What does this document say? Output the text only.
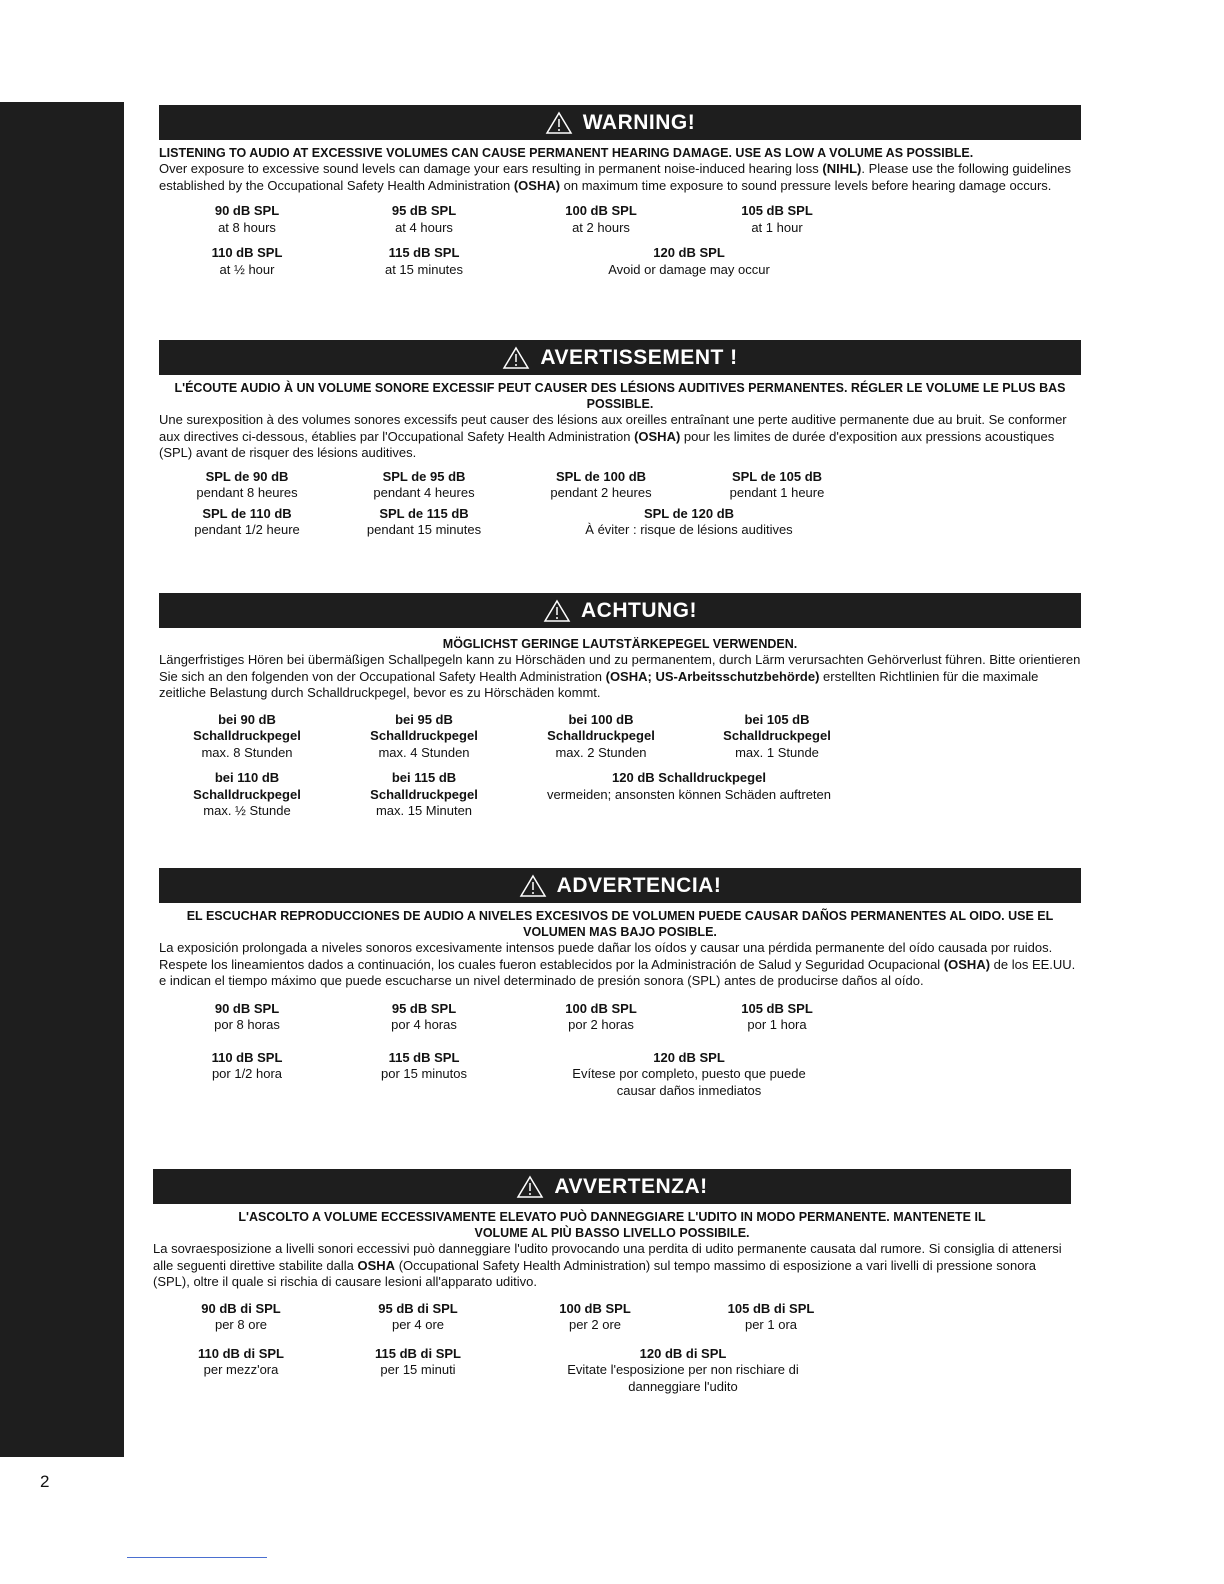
WARNING!
LISTENING TO AUDIO AT EXCESSIVE VOLUMES CAN CAUSE PERMANENT HEARING DAMAGE. USE AS LOW A VOLUME AS POSSIBLE.
Over exposure to excessive sound levels can damage your ears resulting in permanent noise-induced hearing loss (NIHL). Please use the following guidelines established by the Occupational Safety Health Administration (OSHA) on maximum time exposure to sound pressure levels before hearing damage occurs.
90 dB SPL
at 8 hours
95 dB SPL
at 4 hours
100 dB SPL
at 2 hours
105 dB SPL
at 1 hour
110 dB SPL
at ½ hour
115 dB SPL
at 15 minutes
120 dB SPL
Avoid or damage may occur
AVERTISSEMENT !
L'ÉCOUTE AUDIO À UN VOLUME SONORE EXCESSIF PEUT CAUSER DES LÉSIONS AUDITIVES PERMANENTES. RÉGLER LE VOLUME LE PLUS BAS POSSIBLE.
Une surexposition à des volumes sonores excessifs peut causer des lésions aux oreilles entraînant une perte auditive permanente due au bruit. Se conformer aux directives ci-dessous, établies par l'Occupational Safety Health Administration (OSHA) pour les limites de durée d'exposition aux pressions acoustiques (SPL) avant de risquer des lésions auditives.
SPL de 90 dB
pendant 8 heures
SPL de 95 dB
pendant 4 heures
SPL de 100 dB
pendant 2 heures
SPL de 105 dB
pendant 1 heure
SPL de 110 dB
pendant 1/2 heure
SPL de 115 dB
pendant 15 minutes
SPL de 120 dB
À éviter : risque de lésions auditives
ACHTUNG!
MÖGLICHST GERINGE LAUTSTÄRKEPEGEL VERWENDEN.
Längerfristiges Hören bei übermäßigen Schallpegeln kann zu Hörschäden und zu permanentem, durch Lärm verursachten Gehörverlust führen. Bitte orientieren Sie sich an den folgenden von der Occupational Safety Health Administration (OSHA; US-Arbeitsschutzbehörde) erstellten Richtlinien für die maximale zeitliche Belastung durch Schalldruckpegel, bevor es zu Hörschäden kommt.
bei 90 dB
Schalldruckpegel
max. 8 Stunden
bei 95 dB
Schalldruckpegel
max. 4 Stunden
bei 100 dB
Schalldruckpegel
max. 2 Stunden
bei 105 dB
Schalldruckpegel
max. 1 Stunde
bei 110 dB
Schalldruckpegel
max. ½ Stunde
bei 115 dB
Schalldruckpegel
max. 15 Minuten
120 dB Schalldruckpegel
vermeiden; ansonsten können Schäden auftreten
ADVERTENCIA!
EL ESCUCHAR REPRODUCCIONES DE AUDIO A NIVELES EXCESIVOS DE VOLUMEN PUEDE CAUSAR DAÑOS PERMANENTES AL OIDO. USE EL VOLUMEN MAS BAJO POSIBLE.
La exposición prolongada a niveles sonoros excesivamente intensos puede dañar los oídos y causar una pérdida permanente del oído causada por ruidos. Respete los lineamientos dados a continuación, los cuales fueron establecidos por la Administración de Salud y Seguridad Ocupacional (OSHA) de los EE.UU. e indican el tiempo máximo que puede escucharse un nivel determinado de presión sonora (SPL) antes de producirse daños al oído.
90 dB SPL
por 8 horas
95 dB SPL
por 4 horas
100 dB SPL
por 2 horas
105 dB SPL
por 1 hora
110 dB SPL
por 1/2 hora
115 dB SPL
por 15 minutos
120 dB SPL
Evítese por completo, puesto que puede causar daños inmediatos
AVVERTENZA!
L'ASCOLTO A VOLUME ECCESSIVAMENTE ELEVATO PUÒ DANNEGGIARE L'UDITO IN MODO PERMANENTE. MANTENETE IL VOLUME AL PIÙ BASSO LIVELLO POSSIBILE.
La sovraesposizione a livelli sonori eccessivi può danneggiare l'udito provocando una perdita di udito permanente causata dal rumore. Si consiglia di attenersi alle seguenti direttive stabilite dalla OSHA (Occupational Safety Health Administration) sul tempo massimo di esposizione a vari livelli di pressione sonora (SPL), oltre il quale si rischia di causare lesioni all'apparato uditivo.
90 dB di SPL
per 8 ore
95 dB di SPL
per 4 ore
100 dB SPL
per 2 ore
105 dB di SPL
per 1 ora
110 dB di SPL
per mezz'ora
115 dB di SPL
per 15 minuti
120 dB di SPL
Evitate l'esposizione per non rischiare di danneggiare l'udito
2
